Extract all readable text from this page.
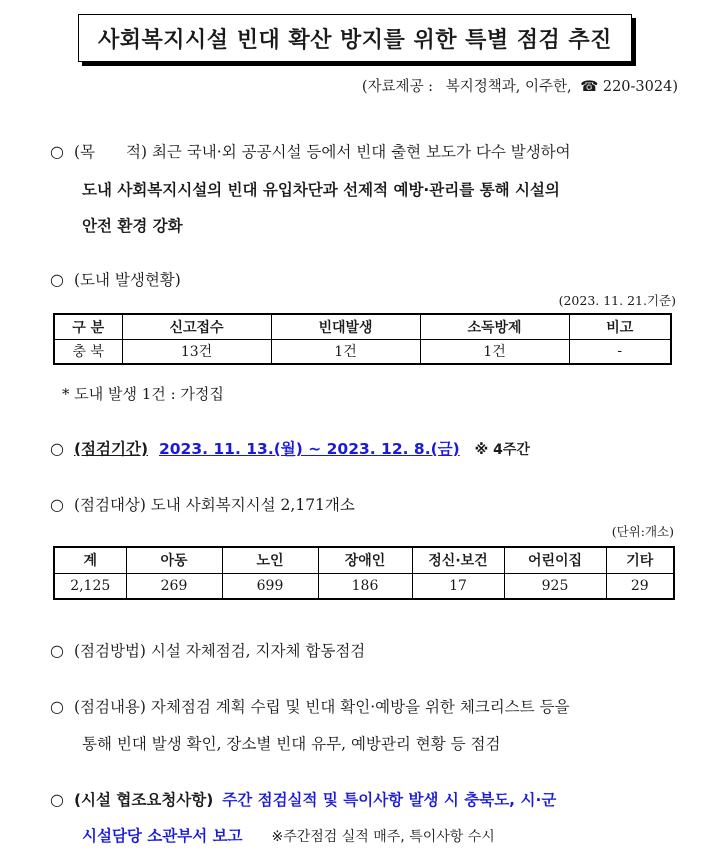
사회복지시설 빈대 확산 방지를 위한 특별 점검 추진
(자료제공 : 복지정책과, 이주한, ☎ 220-3024)
○ (목　　적) 최근 국내·외 공공시설 등에서 빈대 출현 보도가 다수 발생하여
도내 사회복지시설의 빈대 유입차단과 선제적 예방·관리를 통해 시설의
안전 환경 강화
○ (도내 발생현황)
(2023. 11. 21.기준)
구 분	신고접수	빈대발생	소독방제	비고
충 북	13건	1건	1건	-
* 도내 발생 1건 : 가정집
○ (점검기간) 2023. 11. 13.(월) ~ 2023. 12. 8.(금) ※ 4주간
○ (점검대상) 도내 사회복지시설 2,171개소
(단위:개소)
계	아동	노인	장애인	정신·보건	어린이집	기타
2,125	269	699	186	17	925	29
○ (점검방법) 시설 자체점검, 지자체 합동점검
○ (점검내용) 자체점검 계획 수립 및 빈대 확인·예방을 위한 체크리스트 등을
통해 빈대 발생 확인, 장소별 빈대 유무, 예방관리 현황 등 점검
○ (시설 협조요청사항) 주간 점검실적 및 특이사항 발생 시 충북도, 시·군
시설담당 소관부서 보고 ※주간점검 실적 매주, 특이사항 수시
